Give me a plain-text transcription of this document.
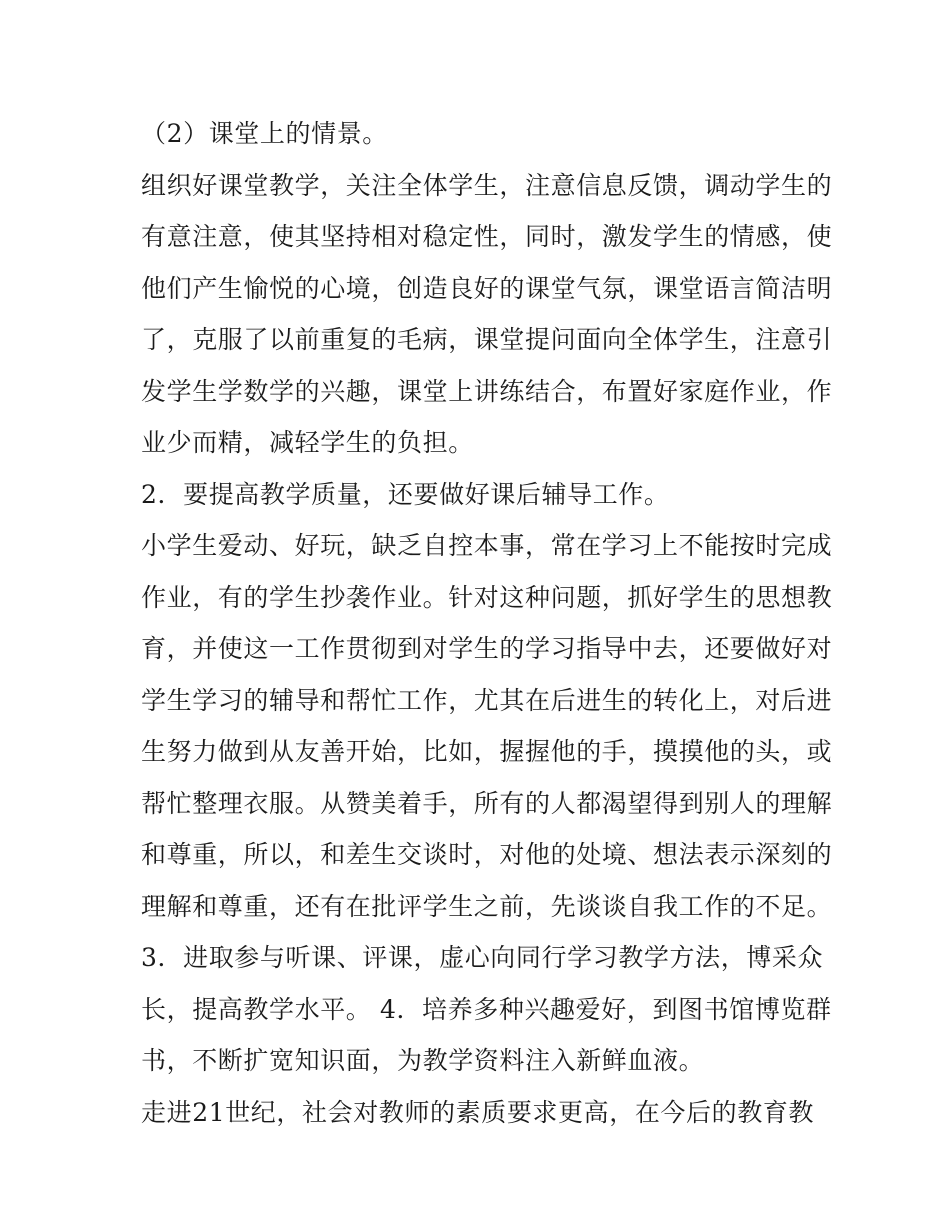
（2）课堂上的情景。
组织好课堂教学，关注全体学生，注意信息反馈，调动学生的
有意注意，使其坚持相对稳定性，同时，激发学生的情感，使
他们产生愉悦的心境，创造良好的课堂气氛，课堂语言简洁明
了，克服了以前重复的毛病，课堂提问面向全体学生，注意引
发学生学数学的兴趣，课堂上讲练结合，布置好家庭作业，作
业少而精，减轻学生的负担。
2．要提高教学质量，还要做好课后辅导工作。
小学生爱动、好玩，缺乏自控本事，常在学习上不能按时完成
作业，有的学生抄袭作业。针对这种问题，抓好学生的思想教
育，并使这一工作贯彻到对学生的学习指导中去，还要做好对
学生学习的辅导和帮忙工作，尤其在后进生的转化上，对后进
生努力做到从友善开始，比如，握握他的手，摸摸他的头，或
帮忙整理衣服。从赞美着手，所有的人都渴望得到别人的理解
和尊重，所以，和差生交谈时，对他的处境、想法表示深刻的
理解和尊重，还有在批评学生之前，先谈谈自我工作的不足。
3．进取参与听课、评课，虚心向同行学习教学方法，博采众
长，提高教学水平。 4．培养多种兴趣爱好，到图书馆博览群
书，不断扩宽知识面，为教学资料注入新鲜血液。
走进21世纪，社会对教师的素质要求更高，在今后的教育教
